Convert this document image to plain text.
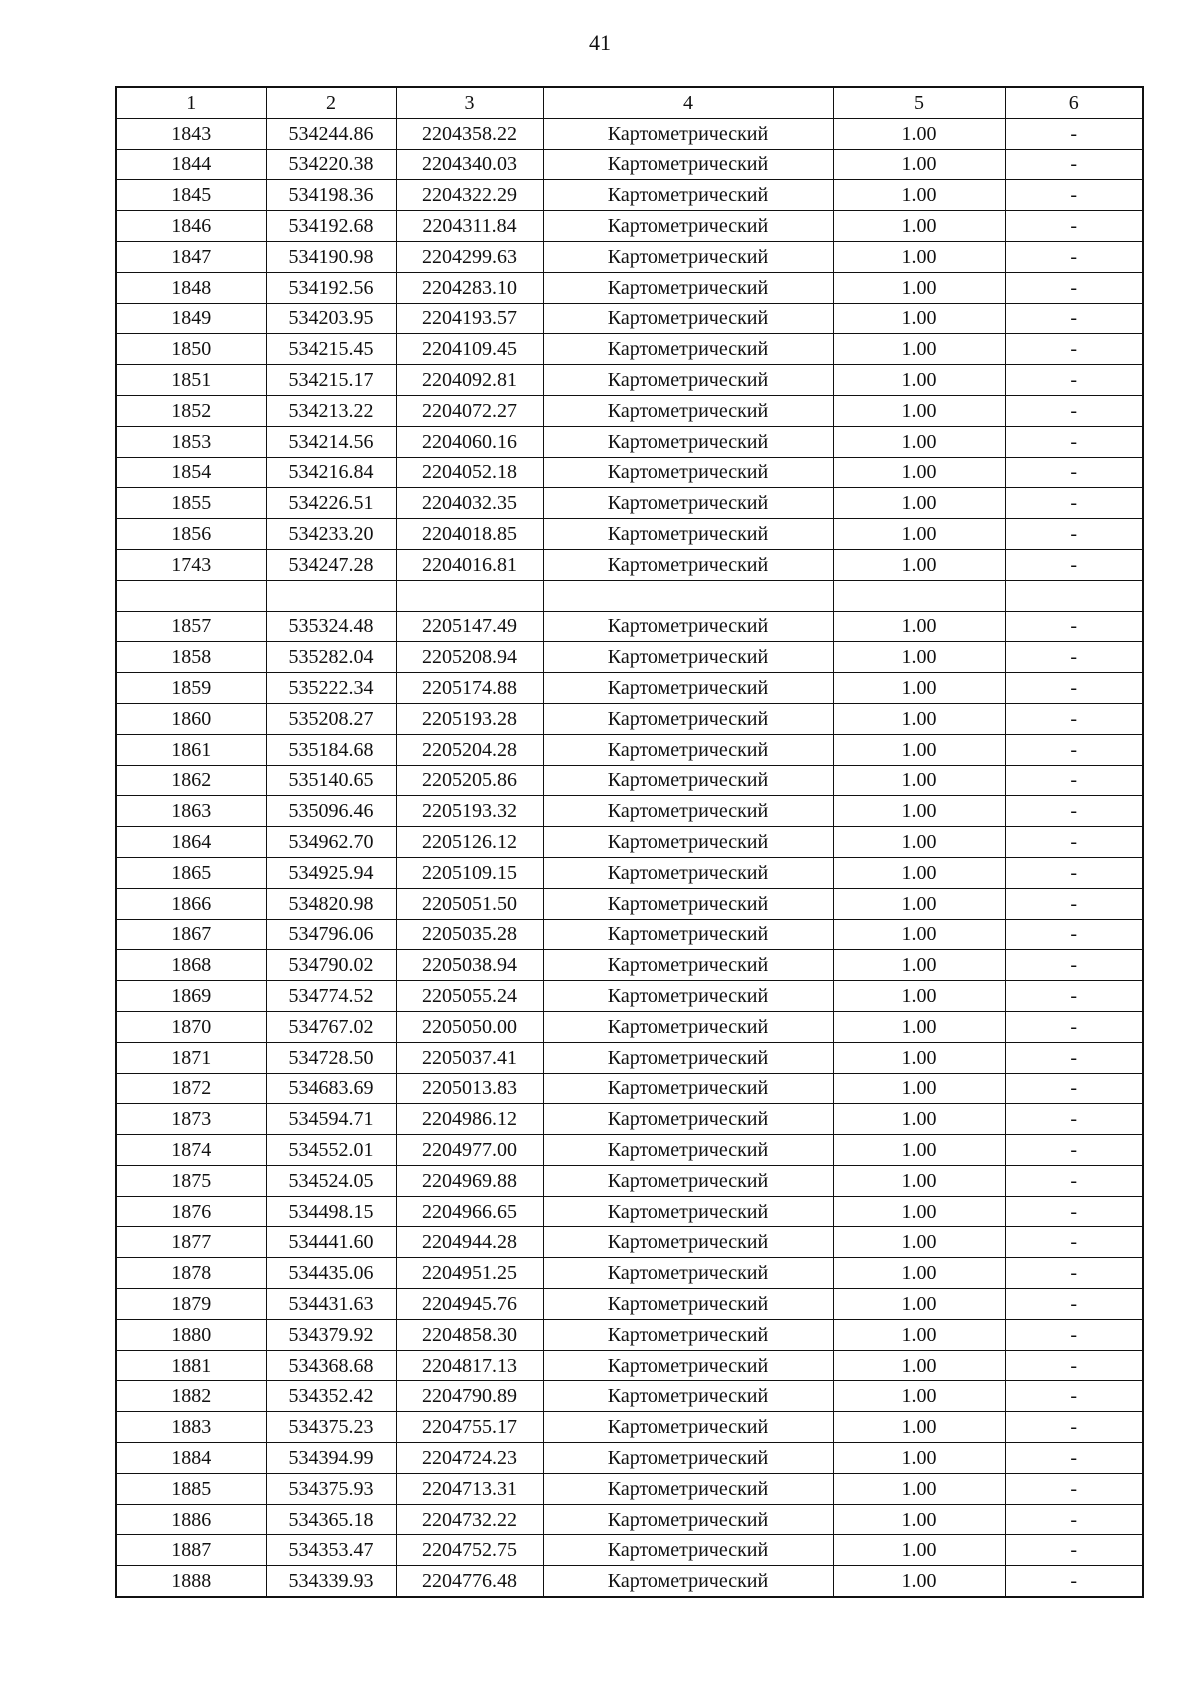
41
1	2	3	4	5	6
1843	534244.86	2204358.22	Картометрический	1.00	-
1844	534220.38	2204340.03	Картометрический	1.00	-
1845	534198.36	2204322.29	Картометрический	1.00	-
1846	534192.68	2204311.84	Картометрический	1.00	-
1847	534190.98	2204299.63	Картометрический	1.00	-
1848	534192.56	2204283.10	Картометрический	1.00	-
1849	534203.95	2204193.57	Картометрический	1.00	-
1850	534215.45	2204109.45	Картометрический	1.00	-
1851	534215.17	2204092.81	Картометрический	1.00	-
1852	534213.22	2204072.27	Картометрический	1.00	-
1853	534214.56	2204060.16	Картометрический	1.00	-
1854	534216.84	2204052.18	Картометрический	1.00	-
1855	534226.51	2204032.35	Картометрический	1.00	-
1856	534233.20	2204018.85	Картометрический	1.00	-
1743	534247.28	2204016.81	Картометрический	1.00	-

1857	535324.48	2205147.49	Картометрический	1.00	-
1858	535282.04	2205208.94	Картометрический	1.00	-
1859	535222.34	2205174.88	Картометрический	1.00	-
1860	535208.27	2205193.28	Картометрический	1.00	-
1861	535184.68	2205204.28	Картометрический	1.00	-
1862	535140.65	2205205.86	Картометрический	1.00	-
1863	535096.46	2205193.32	Картометрический	1.00	-
1864	534962.70	2205126.12	Картометрический	1.00	-
1865	534925.94	2205109.15	Картометрический	1.00	-
1866	534820.98	2205051.50	Картометрический	1.00	-
1867	534796.06	2205035.28	Картометрический	1.00	-
1868	534790.02	2205038.94	Картометрический	1.00	-
1869	534774.52	2205055.24	Картометрический	1.00	-
1870	534767.02	2205050.00	Картометрический	1.00	-
1871	534728.50	2205037.41	Картометрический	1.00	-
1872	534683.69	2205013.83	Картометрический	1.00	-
1873	534594.71	2204986.12	Картометрический	1.00	-
1874	534552.01	2204977.00	Картометрический	1.00	-
1875	534524.05	2204969.88	Картометрический	1.00	-
1876	534498.15	2204966.65	Картометрический	1.00	-
1877	534441.60	2204944.28	Картометрический	1.00	-
1878	534435.06	2204951.25	Картометрический	1.00	-
1879	534431.63	2204945.76	Картометрический	1.00	-
1880	534379.92	2204858.30	Картометрический	1.00	-
1881	534368.68	2204817.13	Картометрический	1.00	-
1882	534352.42	2204790.89	Картометрический	1.00	-
1883	534375.23	2204755.17	Картометрический	1.00	-
1884	534394.99	2204724.23	Картометрический	1.00	-
1885	534375.93	2204713.31	Картометрический	1.00	-
1886	534365.18	2204732.22	Картометрический	1.00	-
1887	534353.47	2204752.75	Картометрический	1.00	-
1888	534339.93	2204776.48	Картометрический	1.00	-
